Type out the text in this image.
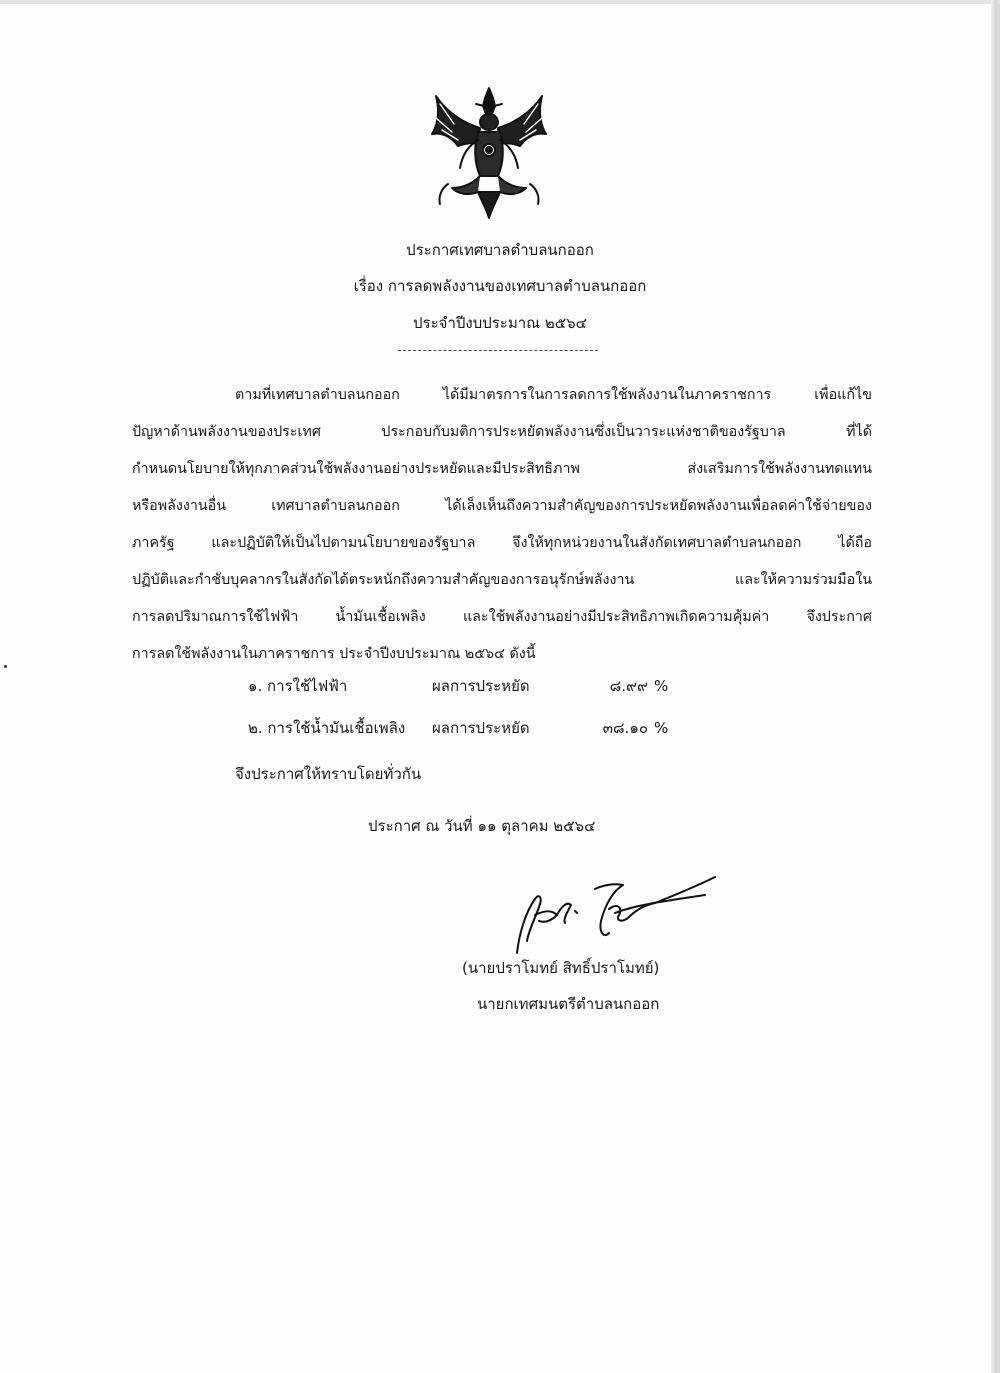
ประกาศเทศบาลตำบลนกออก
เรื่อง การลดพลังงานของเทศบาลตำบลนกออก
ประจำปีงบประมาณ ๒๕๖๔
ตามที่เทศบาลตำบลนกออก ได้มีมาตรการในการลดการใช้พลังงานในภาคราชการ เพื่อแก้ไข
ปัญหาด้านพลังงานของประเทศ ประกอบกับมติการประหยัดพลังงานซึ่งเป็นวาระแห่งชาติของรัฐบาล ที่ได้
กำหนดนโยบายให้ทุกภาคส่วนใช้พลังงานอย่างประหยัดและมีประสิทธิภาพ ส่งเสริมการใช้พลังงานทดแทน
หรือพลังงานอื่น เทศบาลตำบลนกออก ได้เล็งเห็นถึงความสำคัญของการประหยัดพลังงานเพื่อลดค่าใช้จ่ายของ
ภาครัฐ และปฏิบัติให้เป็นไปตามนโยบายของรัฐบาล จึงให้ทุกหน่วยงานในสังกัดเทศบาลตำบลนกออก ได้ถือ
ปฏิบัติและกำชับบุคลากรในสังกัดได้ตระหนักถึงความสำคัญของการอนุรักษ์พลังงาน และให้ความร่วมมือใน
การลดปริมาณการใช้ไฟฟ้า น้ำมันเชื้อเพลิง และใช้พลังงานอย่างมีประสิทธิภาพเกิดความคุ้มค่า จึงประกาศ
การลดใช้พลังงานในภาคราชการ ประจำปีงบประมาณ ๒๕๖๔ ดังนี้
๑. การใช้ไฟฟ้า	ผลการประหยัด	๘.๙๙ %
๒. การใช้น้ำมันเชื้อเพลิง ผลการประหยัด	๓๘.๑๐ %
จึงประกาศให้ทราบโดยทั่วกัน
ประกาศ ณ วันที่ ๑๑ ตุลาคม ๒๕๖๔
(นายปราโมทย์ สิทธิ์ปราโมทย์)
นายกเทศมนตรีตำบลนกออก
